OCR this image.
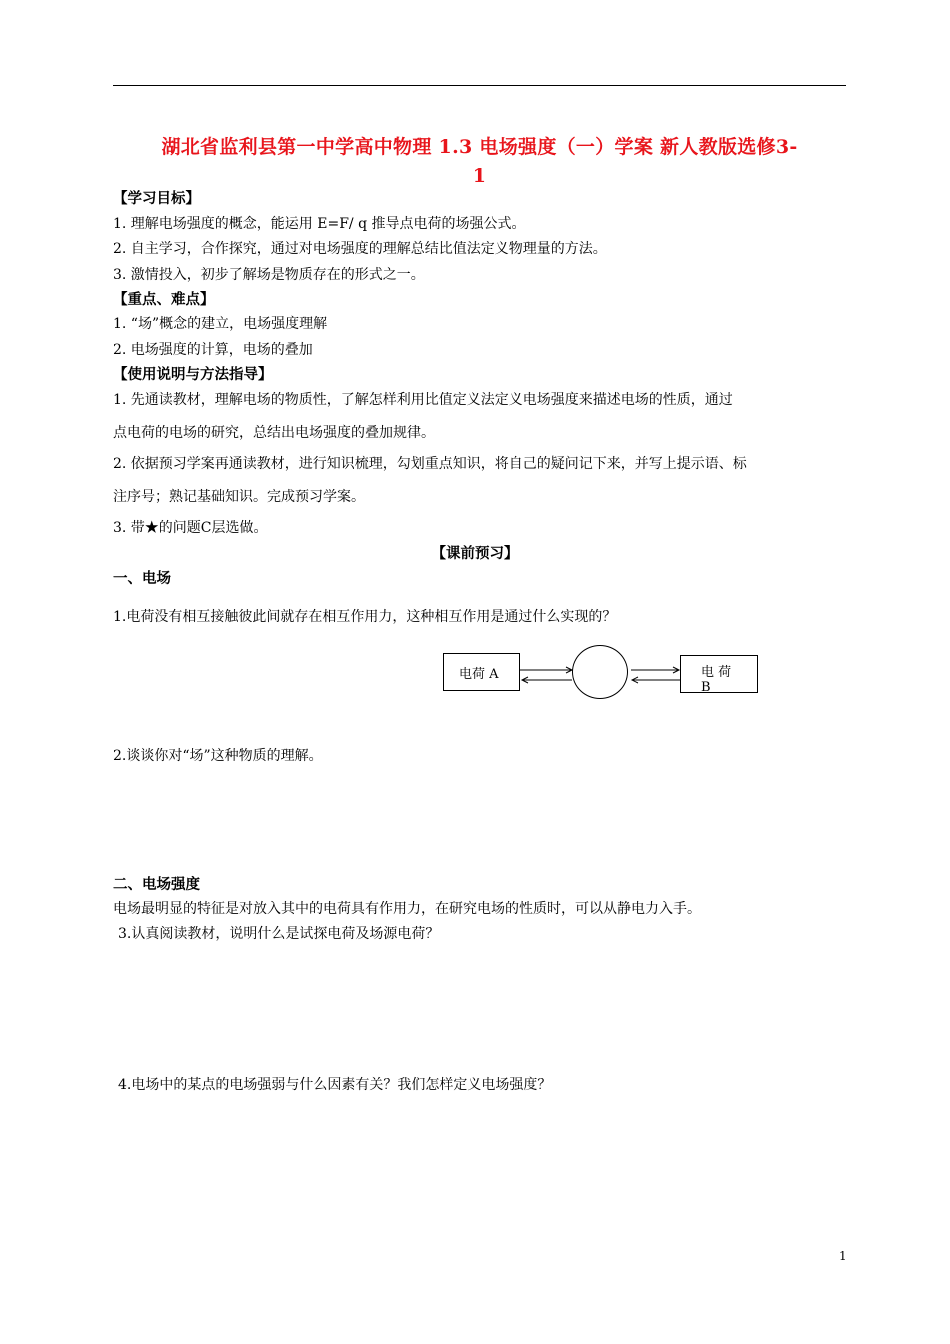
湖北省监利县第一中学高中物理 1.3 电场强度（一）学案 新人教版选修3-
1
【学习目标】
1. 理解电场强度的概念，能运用 E=F/ q 推导点电荷的场强公式。
2. 自主学习，合作探究，通过对电场强度的理解总结比值法定义物理量的方法。
3. 激情投入，初步了解场是物质存在的形式之一。
【重点、难点】
1. “场”概念的建立，电场强度理解
2. 电场强度的计算，电场的叠加
【使用说明与方法指导】
1. 先通读教材，理解电场的物质性，了解怎样利用比值定义法定义电场强度来描述电场的性质，通过
点电荷的电场的研究，总结出电场强度的叠加规律。
2. 依据预习学案再通读教材，进行知识梳理，勾划重点知识，将自己的疑问记下来，并写上提示语、标
注序号；熟记基础知识。完成预习学案。
3. 带★的问题C层选做。
【课前预习】
一、电场
1.电荷没有相互接触彼此间就存在相互作用力，这种相互作用是通过什么实现的？
电荷 A	电 荷
B
2.谈谈你对“场”这种物质的理解。
二、电场强度
电场最明显的特征是对放入其中的电荷具有作用力，在研究电场的性质时，可以从静电力入手。
3.认真阅读教材，说明什么是试探电荷及场源电荷？
4.电场中的某点的电场强弱与什么因素有关？我们怎样定义电场强度？
1
